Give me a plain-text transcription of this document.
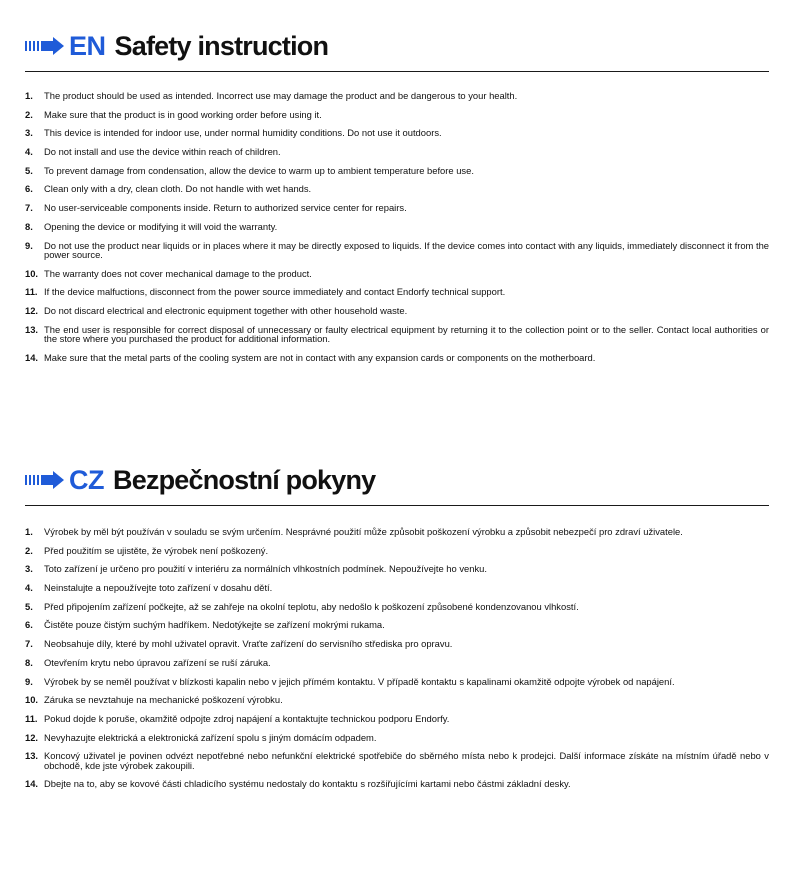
EN Safety instruction
1.	The product should be used as intended. Incorrect use may damage the product and be dangerous to your health.
2.	Make sure that the product is in good working order before using it.
3.	This device is intended for indoor use, under normal humidity conditions. Do not use it outdoors.
4.	Do not install and use the device within reach of children.
5.	To prevent damage from condensation, allow the device to warm up to ambient temperature before use.
6.	Clean only with a dry, clean cloth. Do not handle with wet hands.
7.	No user-serviceable components inside. Return to authorized service center for repairs.
8.	Opening the device or modifying it will void the warranty.
9.	Do not use the product near liquids or in places where it may be directly exposed to liquids. If the device comes into contact with any liquids, immediately disconnect it from the power source.
10. The warranty does not cover mechanical damage to the product.
11. If the device malfuctions, disconnect from the power source immediately and contact Endorfy technical support.
12. Do not discard electrical and electronic equipment together with other household waste.
13. The end user is responsible for correct disposal of unnecessary or faulty electrical equipment by returning it to the collection point or to the seller. Contact local authorities or the store where you purchased the product for additional information.
14. Make sure that the metal parts of the cooling system are not in contact with any expansion cards or components on the motherboard.
CZ Bezpečnostní pokyny
1.	Výrobek by měl být používán v souladu se svým určením. Nesprávné použití může způsobit poškození výrobku a způsobit nebezpečí pro zdraví uživatele.
2.	Před použitím se ujistěte, že výrobek není poškozený.
3.	Toto zařízení je určeno pro použití v interiéru za normálních vlhkostních podmínek. Nepoužívejte ho venku.
4.	Neinstalujte a nepoužívejte toto zařízení v dosahu dětí.
5.	Před připojením zařízení počkejte, až se zahřeje na okolní teplotu, aby nedošlo k poškození způsobené kondenzovanou vlhkostí.
6.	Čistěte pouze čistým suchým hadříkem. Nedotýkejte se zařízení mokrými rukama.
7.	Neobsahuje díly, které by mohl uživatel opravit. Vraťte zařízení do servisního střediska pro opravu.
8.	Otevřením krytu nebo úpravou zařízení se ruší záruka.
9.	Výrobek by se neměl používat v blízkosti kapalin nebo v jejich přímém kontaktu. V případě kontaktu s kapalinami okamžitě odpojte výrobek od napájení.
10. Záruka se nevztahuje na mechanické poškození výrobku.
11. Pokud dojde k poruše, okamžitě odpojte zdroj napájení a kontaktujte technickou podporu Endorfy.
12. Nevyhazujte elektrická a elektronická zařízení spolu s jiným domácím odpadem.
13. Koncový uživatel je povinen odvézt nepotřebné nebo nefunkční elektrické spotřebiče do sběrného místa nebo k prodejci. Další informace získáte na místním úřadě nebo v obchodě, kde jste výrobek zakoupili.
14. Dbejte na to, aby se kovové části chladicího systému nedostaly do kontaktu s rozšiřujícími kartami nebo částmi základní desky.
